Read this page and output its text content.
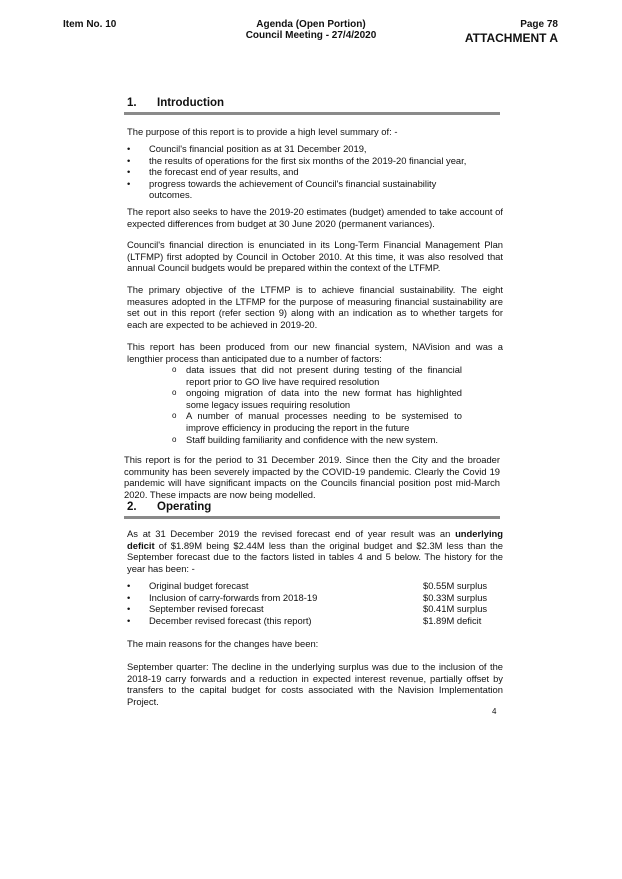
Item No. 10	Agenda (Open Portion)
Council Meeting - 27/4/2020
Page 78
ATTACHMENT A
1. Introduction
The purpose of this report is to provide a high level summary of: -
• Council's financial position as at 31 December 2019,
• the results of operations for the first six months of the 2019-20 financial year,
• the forecast end of year results, and
• progress towards the achievement of Council's financial sustainability outcomes.
The report also seeks to have the 2019-20 estimates (budget) amended to take account of expected differences from budget at 30 June 2020 (permanent variances).
Council's financial direction is enunciated in its Long-Term Financial Management Plan (LTFMP) first adopted by Council in October 2010. At this time, it was also resolved that annual Council budgets would be prepared within the context of the LTFMP.
The primary objective of the LTFMP is to achieve financial sustainability. The eight measures adopted in the LTFMP for the purpose of measuring financial sustainability are set out in this report (refer section 9) along with an indication as to whether targets for each are expected to be achieved in 2019-20.
This report has been produced from our new financial system, NAVision and was a lengthier process than anticipated due to a number of factors:
o data issues that did not present during testing of the financial report prior to GO live have required resolution
o ongoing migration of data into the new format has highlighted some legacy issues requiring resolution
o A number of manual processes needing to be systemised to improve efficiency in producing the report in the future
o Staff building familiarity and confidence with the new system.
This report is for the period to 31 December 2019. Since then the City and the broader community has been severely impacted by the COVID-19 pandemic. Clearly the Covid 19 pandemic will have significant impacts on the Councils financial position post mid-March 2020. These impacts are now being modelled.
2. Operating
As at 31 December 2019 the revised forecast end of year result was an underlying deficit of $1.89M being $2.44M less than the original budget and $2.3M less than the September forecast due to the factors listed in tables 4 and 5 below. The history for the year has been: -
• Original budget forecast	$0.55M surplus
• Inclusion of carry-forwards from 2018-19	$0.33M surplus
• September revised forecast	$0.41M surplus
• December revised forecast (this report)	$1.89M deficit
The main reasons for the changes have been:
September quarter: The decline in the underlying surplus was due to the inclusion of the 2018-19 carry forwards and a reduction in expected interest revenue, partially offset by transfers to the capital budget for costs associated with the Navision Implementation Project.
4
